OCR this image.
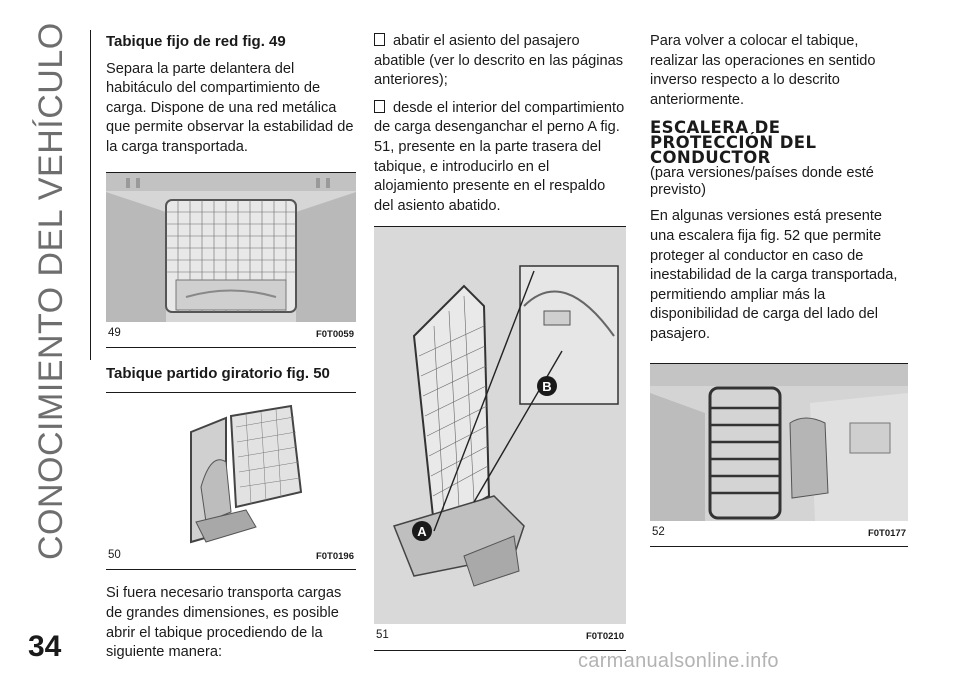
CONOCIMIENTO DEL VEHÍCULO
34	carmanualsonline.info
Tabique fijo de red fig. 49

Separa la parte delantera del habitáculo del compartimiento de carga. Dispone de una red metálica que permite observar la estabilidad de la carga transportada.

49	F0T0059
Tabique partido giratorio fig. 50
50	F0T0196

Si fuera necesario transporta cargas de grandes dimensiones, es posible abrir el tabique procediendo de la siguiente manera:

abatir el asiento del pasajero abatible (ver lo descrito en las páginas anteriores);

desde el interior del compartimiento de carga desenganchar el perno A fig. 51, presente en la parte trasera del tabique, e introducirlo en el alojamiento presente en el respaldo del asiento abatido.

B
A
51	F0T0210

Para volver a colocar el tabique, realizar las operaciones en sentido inverso respecto a lo descrito anteriormente.

ESCALERA DE
PROTECCIÓN DEL
CONDUCTOR

(para versiones/países donde esté previsto)

En algunas versiones está presente una escalera fija fig. 52 que permite proteger al conductor en caso de inestabilidad de la carga transportada, permitiendo ampliar más la disponibilidad de carga del lado del pasajero.

52	F0T0177
